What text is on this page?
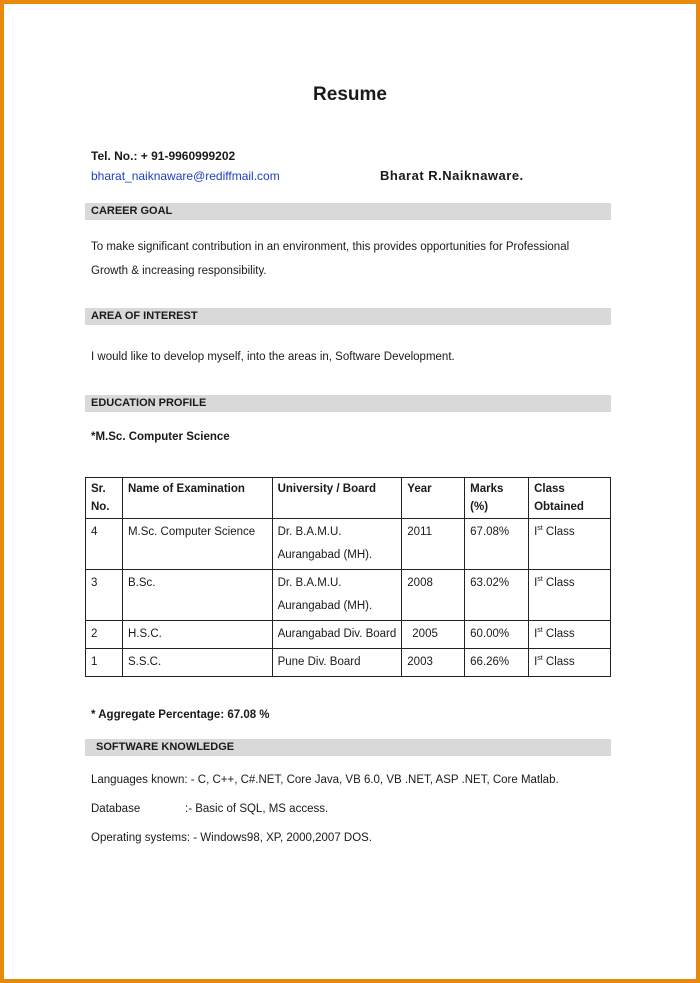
Resume
Tel. No.: + 91-9960999202
bharat_naiknaware@rediffmail.com	Bharat R.Naiknaware.
CAREER GOAL
To make significant contribution in an environment, this provides opportunities for Professional Growth & increasing responsibility.
AREA OF INTEREST
I would like to develop myself, into the areas in, Software Development.
EDUCATION PROFILE
*M.Sc. Computer Science
Sr. No.	Name of Examination	University / Board	Year	Marks (%)	Class Obtained
4	M.Sc. Computer Science	Dr. B.A.M.U. Aurangabad (MH).	2011	67.08%	Ist Class
3	B.Sc.	Dr. B.A.M.U. Aurangabad (MH).	2008	63.02%	Ist Class
2	H.S.C.	Aurangabad Div. Board	2005	60.00%	Ist Class
1	S.S.C.	Pune Div. Board	2003	66.26%	Ist Class
* Aggregate Percentage: 67.08 %
SOFTWARE KNOWLEDGE
Languages known: - C, C++, C#.NET, Core Java, VB 6.0, VB .NET, ASP .NET, Core Matlab.
Database	:- Basic of SQL, MS access.
Operating systems: - Windows98, XP, 2000,2007 DOS.
